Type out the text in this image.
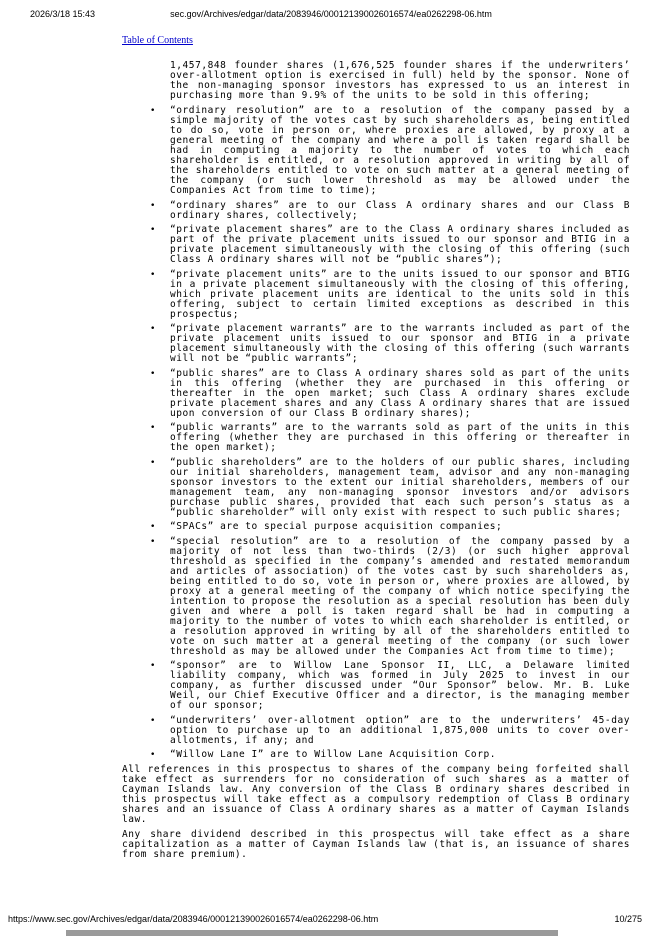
2026/3/18 15:43	sec.gov/Archives/edgar/data/2083946/000121390026016574/ea0262298-06.htm
Table of Contents

1,457,848 founder shares (1,676,525 founder shares if the underwriters’ over-allotment option is exercised in full) held by the sponsor. None of the non-managing sponsor investors has expressed to us an interest in purchasing more than 9.9% of the units to be sold in this offering;

• “ordinary resolution” are to a resolution of the company passed by a simple majority of the votes cast by such shareholders as, being entitled to do so, vote in person or, where proxies are allowed, by proxy at a general meeting of the company and where a poll is taken regard shall be had in computing a majority to the number of votes to which each shareholder is entitled, or a resolution approved in writing by all of the shareholders entitled to vote on such matter at a general meeting of the company (or such lower threshold as may be allowed under the Companies Act from time to time);
• “ordinary shares” are to our Class A ordinary shares and our Class B ordinary shares, collectively;
• “private placement shares” are to the Class A ordinary shares included as part of the private placement units issued to our sponsor and BTIG in a private placement simultaneously with the closing of this offering (such Class A ordinary shares will not be “public shares”);
• “private placement units” are to the units issued to our sponsor and BTIG in a private placement simultaneously with the closing of this offering, which private placement units are identical to the units sold in this offering, subject to certain limited exceptions as described in this prospectus;
• “private placement warrants” are to the warrants included as part of the private placement units issued to our sponsor and BTIG in a private placement simultaneously with the closing of this offering (such warrants will not be “public warrants”;
• “public shares” are to Class A ordinary shares sold as part of the units in this offering (whether they are purchased in this offering or thereafter in the open market; such Class A ordinary shares exclude private placement shares and any Class A ordinary shares that are issued upon conversion of our Class B ordinary shares);
• “public warrants” are to the warrants sold as part of the units in this offering (whether they are purchased in this offering or thereafter in the open market);
• “public shareholders” are to the holders of our public shares, including our initial shareholders, management team, advisor and any non-managing sponsor investors to the extent our initial shareholders, members of our management team, any non-managing sponsor investors and/or advisors purchase public shares, provided that each such person’s status as a “public shareholder” will only exist with respect to such public shares;
• “SPACs” are to special purpose acquisition companies;
• “special resolution” are to a resolution of the company passed by a majority of not less than two-thirds (2/3) (or such higher approval threshold as specified in the company’s amended and restated memorandum and articles of association) of the votes cast by such shareholders as, being entitled to do so, vote in person or, where proxies are allowed, by proxy at a general meeting of the company of which notice specifying the intention to propose the resolution as a special resolution has been duly given and where a poll is taken regard shall be had in computing a majority to the number of votes to which each shareholder is entitled, or a resolution approved in writing by all of the shareholders entitled to vote on such matter at a general meeting of the company (or such lower threshold as may be allowed under the Companies Act from time to time);
• “sponsor” are to Willow Lane Sponsor II, LLC, a Delaware limited liability company, which was formed in July 2025 to invest in our company, as further discussed under “Our Sponsor” below. Mr. B. Luke Weil, our Chief Executive Officer and a director, is the managing member of our sponsor;
• “underwriters’ over-allotment option” are to the underwriters’ 45-day option to purchase up to an additional 1,875,000 units to cover over-allotments, if any; and
• “Willow Lane I” are to Willow Lane Acquisition Corp.

All references in this prospectus to shares of the company being forfeited shall take effect as surrenders for no consideration of such shares as a matter of Cayman Islands law. Any conversion of the Class B ordinary shares described in this prospectus will take effect as a compulsory redemption of Class B ordinary shares and an issuance of Class A ordinary shares as a matter of Cayman Islands law.

Any share dividend described in this prospectus will take effect as a share capitalization as a matter of Cayman Islands law (that is, an issuance of shares from share premium).

https://www.sec.gov/Archives/edgar/data/2083946/000121390026016574/ea0262298-06.htm	10/275
